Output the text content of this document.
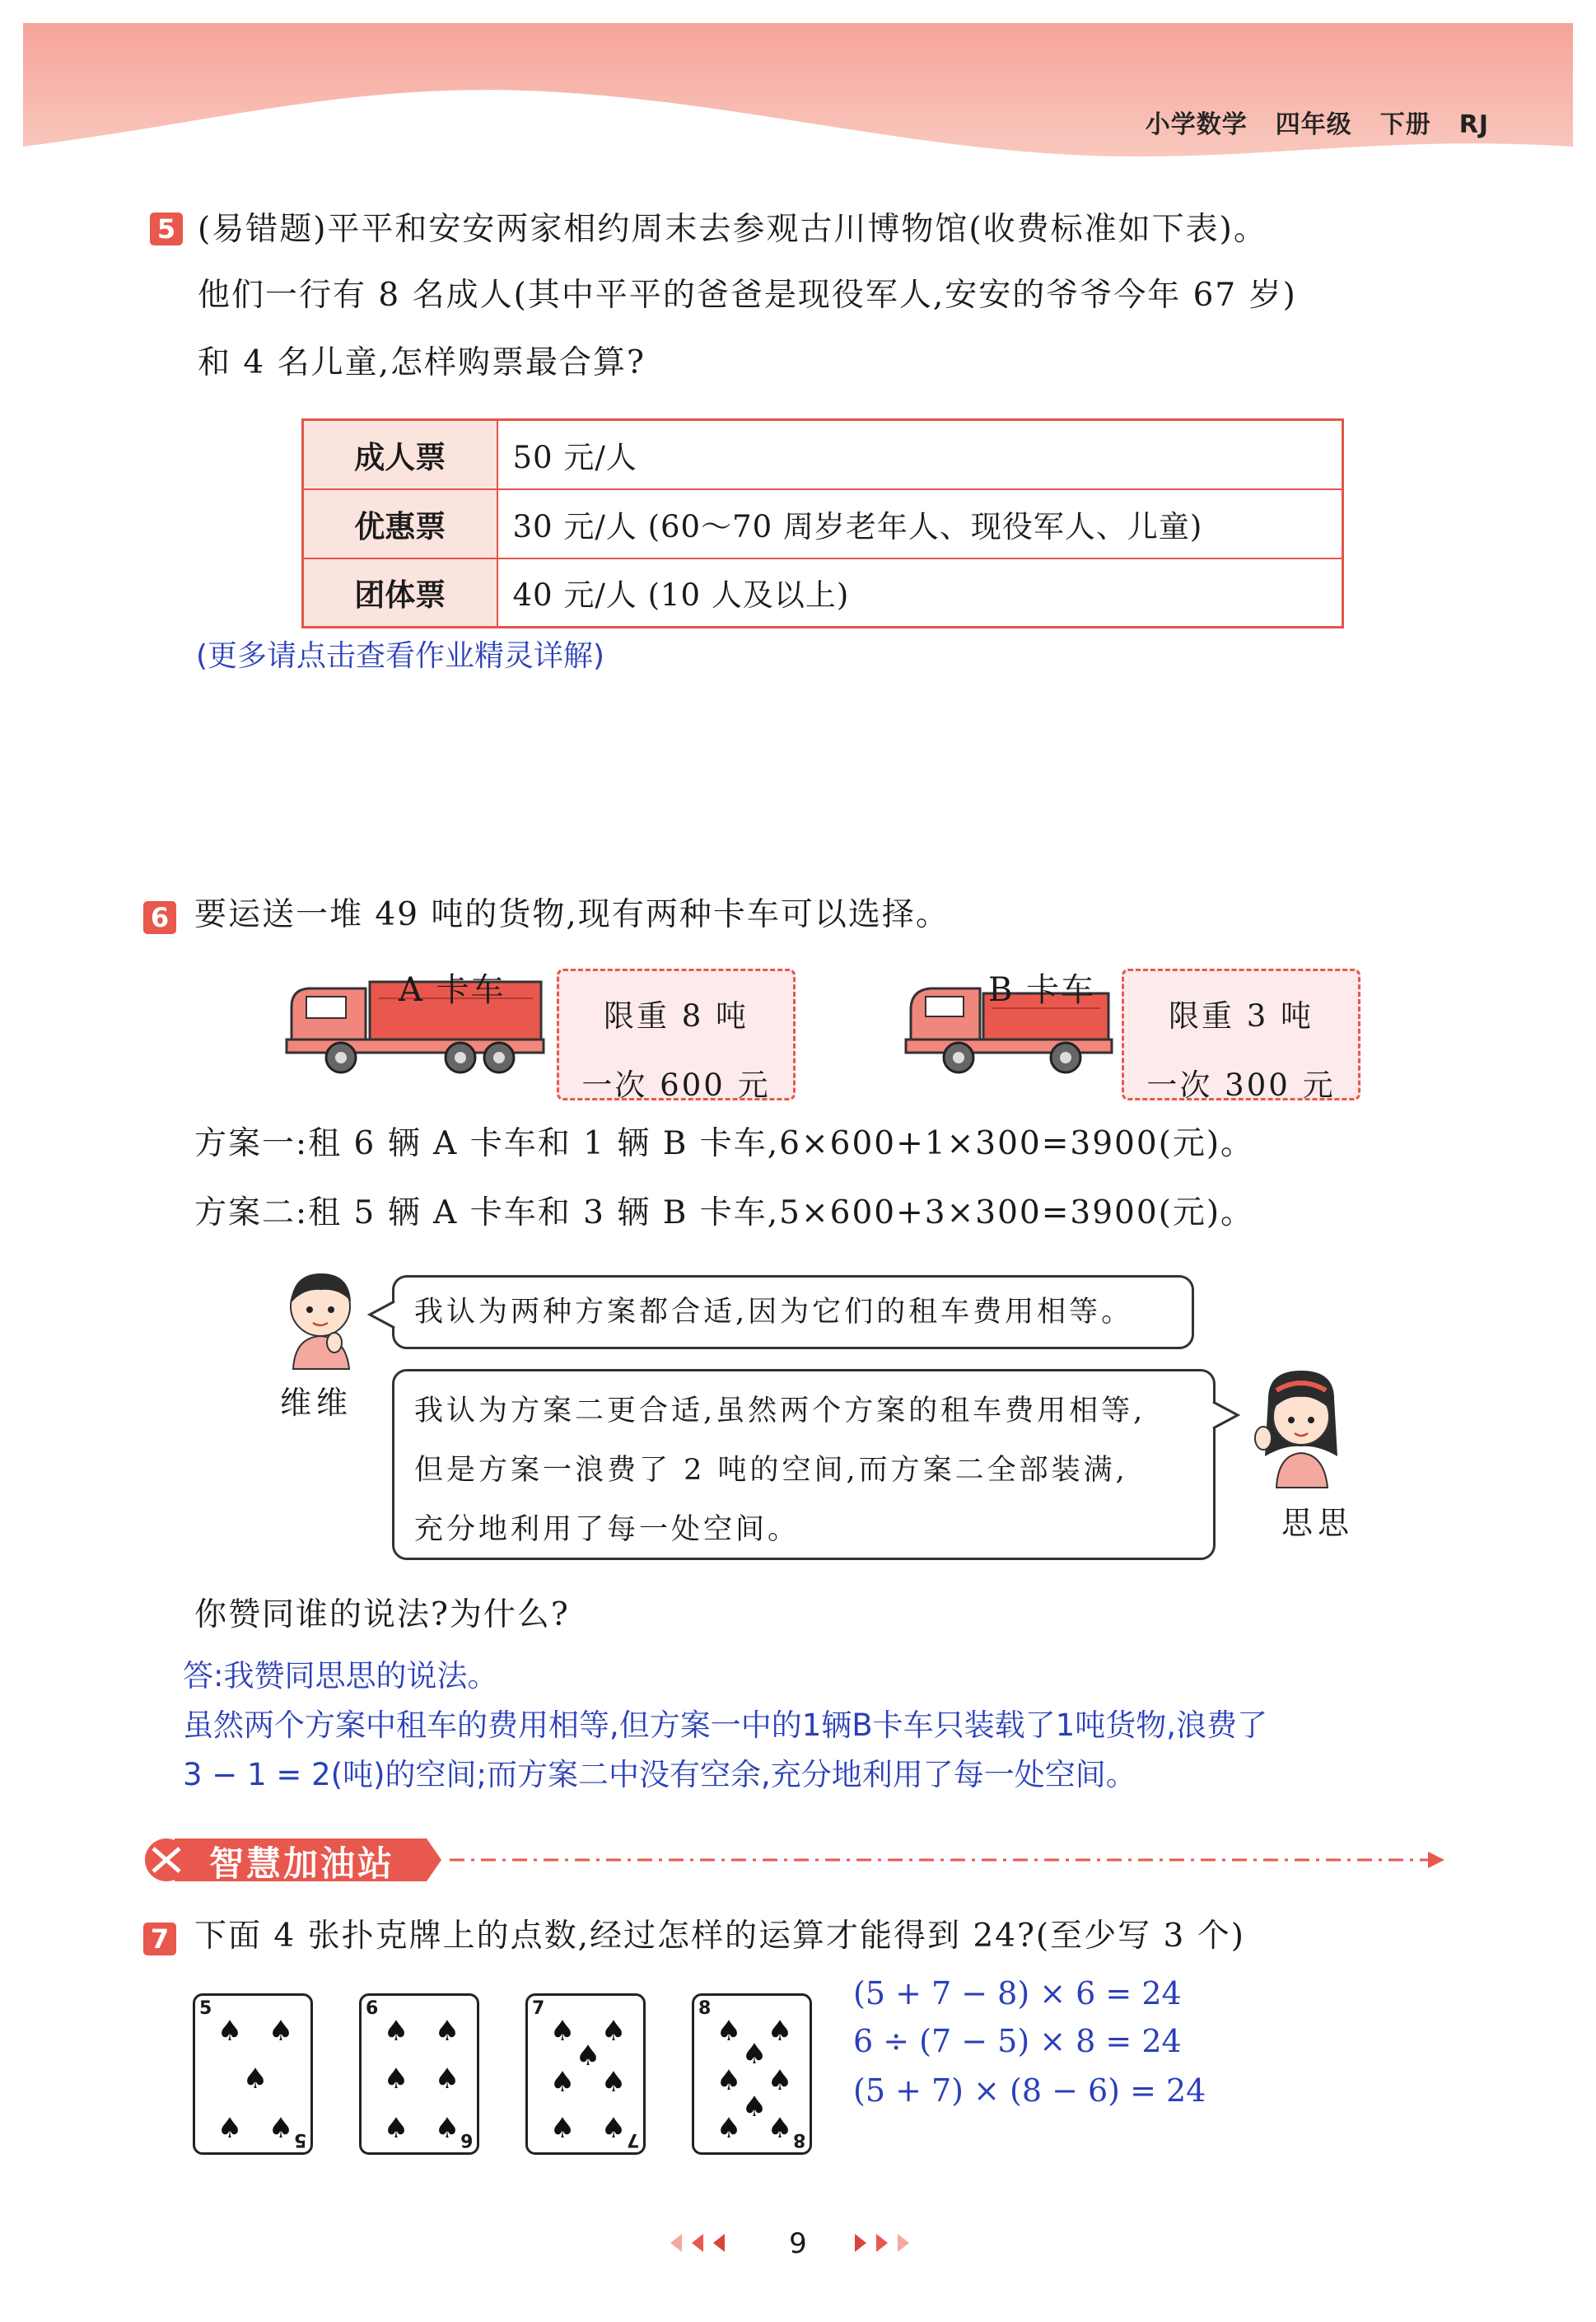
小学数学 四年级 下册 RJ
5 (易错题)平平和安安两家相约周末去参观古川博物馆(收费标准如下表)。
他们一行有 8 名成人(其中平平的爸爸是现役军人,安安的爷爷今年 67 岁)
和 4 名儿童,怎样购票最合算?
成人票	50 元/人
优惠票	30 元/人 (60～70 周岁老年人、现役军人、儿童)
团体票	40 元/人 (10 人及以上)
(更多请点击查看作业精灵详解)
6 要运送一堆 49 吨的货物,现有两种卡车可以选择。
A 卡车
限重 8 吨
一次 600 元
B 卡车
限重 3 吨
一次 300 元
方案一:租 6 辆 A 卡车和 1 辆 B 卡车,6×600+1×300=3900(元)。
方案二:租 5 辆 A 卡车和 3 辆 B 卡车,5×600+3×300=3900(元)。
维维
我认为两种方案都合适,因为它们的租车费用相等。
思思
我认为方案二更合适,虽然两个方案的租车费用相等,
但是方案一浪费了 2 吨的空间,而方案二全部装满,
充分地利用了每一处空间。
你赞同谁的说法?为什么?
答:我赞同思思的说法。
虽然两个方案中租车的费用相等,但方案一中的1辆B卡车只装载了1吨货物,浪费了
3 − 1 = 2(吨)的空间;而方案二中没有空余,充分地利用了每一处空间。
智慧加油站
7 下面 4 张扑克牌上的点数,经过怎样的运算才能得到 24?(至少写 3 个)
5
5
♠ ♠
♠
♠ ♠
6
6
♠ ♠
♠ ♠
♠ ♠
7
7
♠ ♠
♠
♠ ♠
♠ ♠
8
8
♠ ♠
♠
♠ ♠
♠
♠ ♠
(5 + 7 − 8) × 6 = 24
6 ÷ (7 − 5) × 8 = 24
(5 + 7) × (8 − 6) = 24
9
